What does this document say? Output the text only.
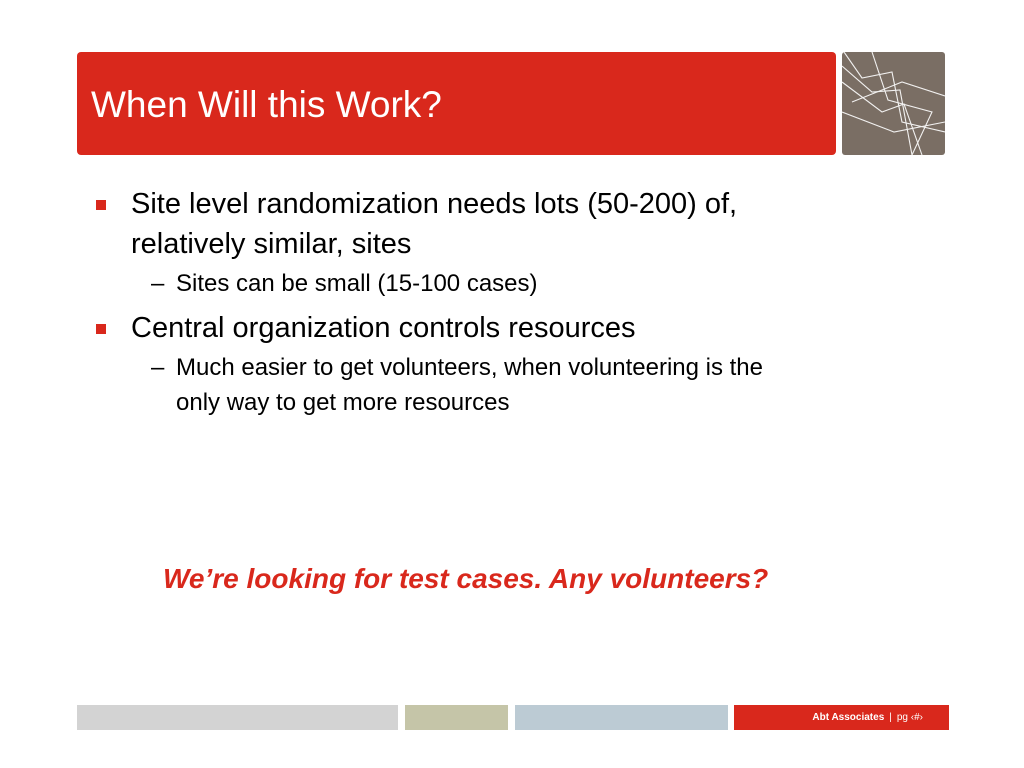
When Will this Work?
Site level randomization needs lots (50-200) of,
relatively similar, sites
– Sites can be small (15-100 cases)
Central organization controls resources
– Much easier to get volunteers, when volunteering is the
only way to get more resources
We’re looking for test cases. Any volunteers?
Abt Associates | pg ‹#›
